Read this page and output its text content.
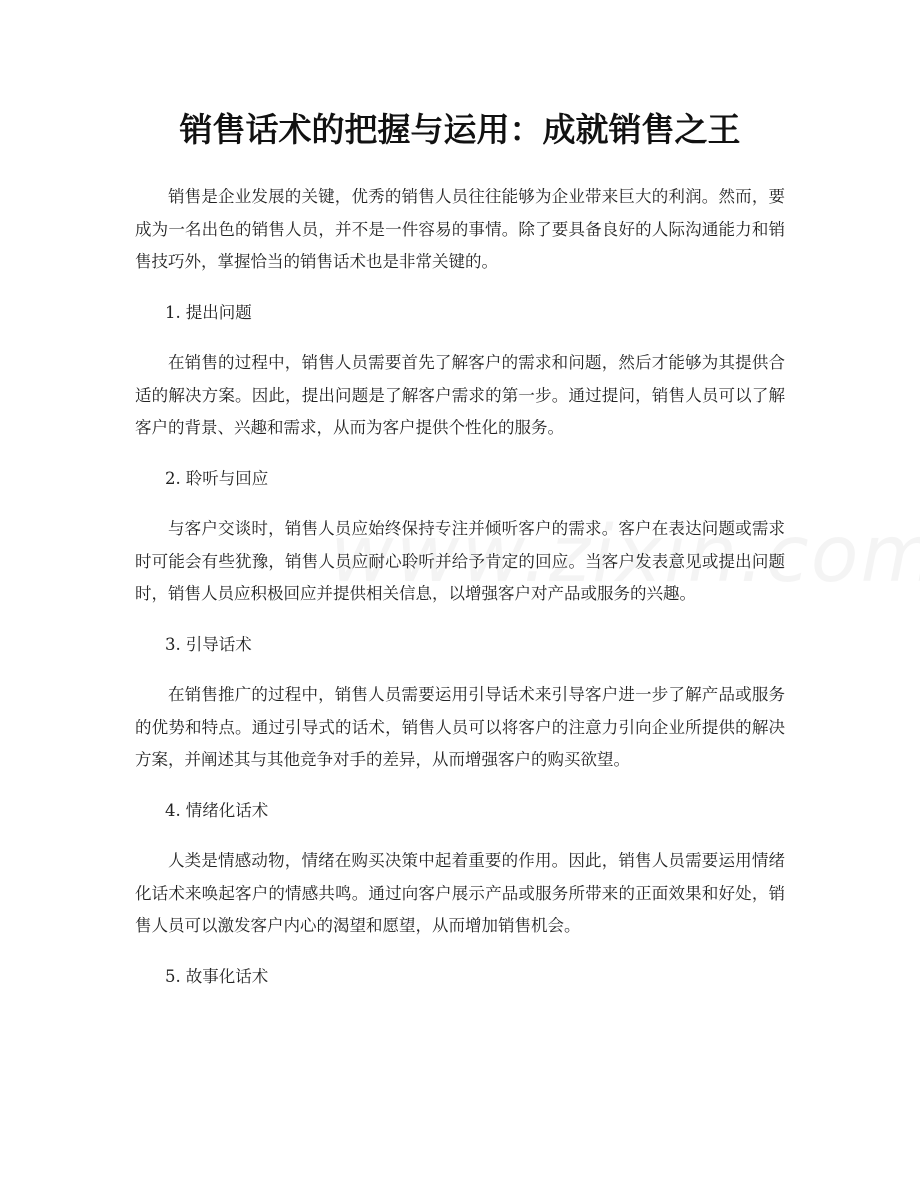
销售话术的把握与运用：成就销售之王

销售是企业发展的关键，优秀的销售人员往往能够为企业带来巨大的利润。然而，要成为一名出色的销售人员，并不是一件容易的事情。除了要具备良好的人际沟通能力和销售技巧外，掌握恰当的销售话术也是非常关键的。

1. 提出问题

在销售的过程中，销售人员需要首先了解客户的需求和问题，然后才能够为其提供合适的解决方案。因此，提出问题是了解客户需求的第一步。通过提问，销售人员可以了解客户的背景、兴趣和需求，从而为客户提供个性化的服务。

2. 聆听与回应

与客户交谈时，销售人员应始终保持专注并倾听客户的需求。客户在表达问题或需求时可能会有些犹豫，销售人员应耐心聆听并给予肯定的回应。当客户发表意见或提出问题时，销售人员应积极回应并提供相关信息，以增强客户对产品或服务的兴趣。

3. 引导话术

在销售推广的过程中，销售人员需要运用引导话术来引导客户进一步了解产品或服务的优势和特点。通过引导式的话术，销售人员可以将客户的注意力引向企业所提供的解决方案，并阐述其与其他竞争对手的差异，从而增强客户的购买欲望。

4. 情绪化话术

人类是情感动物，情绪在购买决策中起着重要的作用。因此，销售人员需要运用情绪化话术来唤起客户的情感共鸣。通过向客户展示产品或服务所带来的正面效果和好处，销售人员可以激发客户内心的渴望和愿望，从而增加销售机会。

5. 故事化话术
